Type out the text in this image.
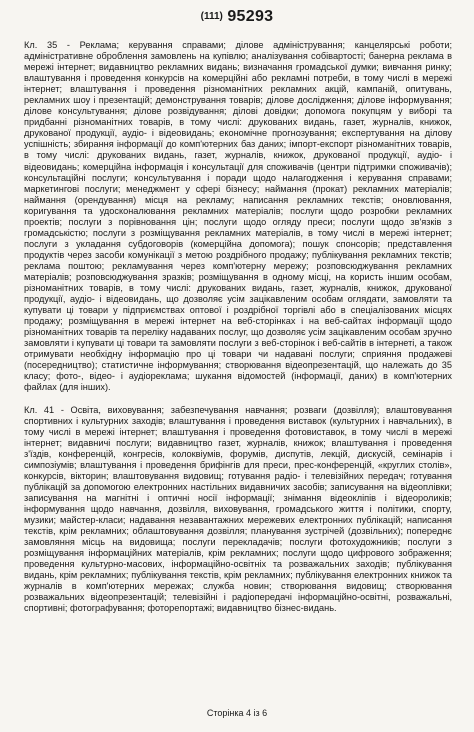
(111) 95293

Кл. 35 - Реклама; керування справами; ділове адміністрування; канцелярські роботи; адміністративне оброблення замовлень на купівлю; аналізування собівартості; банерна реклама в мережі інтернет; видавництво рекламних видань; визначання громадської думки; вивчання ринку; влаштування і проведення конкурсів на комерційні або рекламні потреби, в тому числі в мережі інтернет; влаштування і проведення різноманітних рекламних акцій, кампаній, опитувань, рекламних шоу і презентацій; демонстрування товарів; ділове дослідження; ділове інформування; ділове консультування; ділове розвідування; ділові довідки; допомога покупцям у виборі та придбанні різноманітних товарів, в тому числі: друкованих видань, газет, журналів, книжок, друкованої продукції, аудіо- і відеовидань; економічне прогнозування; експертування на ділову успішність; збирання інформації до комп'ютерних баз даних; імпорт-експорт різноманітних товарів, в тому числі: друкованих видань, газет, журналів, книжок, друкованої продукції, аудіо- і відеовидань; комерційна інформація і консультації для споживачів (центри підтримки споживачів); консультаційні послуги; консультування і поради щодо налагодження і керування справами; маркетингові послуги; менеджмент у сфері бізнесу; наймання (прокат) рекламних матеріалів; наймання (орендування) місця на рекламу; написання рекламних текстів; оновлювання, коригування та удосконалювання рекламних матеріалів; послуги щодо розробки рекламних проектів; послуги з порівновання цін; послуги щодо огляду преси; послуги щодо зв'язків з громадськістю; послуги з розміщування рекламних матеріалів, в тому числі в мережі інтернет; послуги з укладання субдоговорів (комерційна допомога); пошук спонсорів; представлення продуктів через засоби комунікації з метою роздрібного продажу; публікування рекламних текстів; реклама поштою; рекламування через комп'ютерну мережу; розповсюджування рекламних матеріалів; розповсюджування зразків; розміщування в одному місці, на користь іншим особам, різноманітних товарів, в тому числі: друкованих видань, газет, журналів, книжок, друкованої продукції, аудіо- і відеовидань, що дозволяє усім зацікавленим особам оглядати, замовляти та купувати ці товари у підприємствах оптової і роздрібної торгівлі або в спеціалізованих місцях продажу; розміщування в мережі інтернет на веб-сторінках і на веб-сайтах інформації щодо різноманітних товарів та переліку надаваних послуг, що дозволяє усім зацікавленим особам зручно замовляти і купувати ці товари та замовляти послуги з веб-сторінок і веб-сайтів в інтернеті, а також отримувати необхідну інформацію про ці товари чи надавані послуги; сприяння продажеві (посередництво); статистичне інформування; створювання відеопрезентацій, що належать до 35 класу; фото-, відео- і аудіореклама; шукання відомостей (інформації, даних) в комп'ютерних файлах (для інших).

Кл. 41 - Освіта, виховування; забезпечування навчання; розваги (дозвілля); влаштовування спортивних і культурних заходів; влаштування і проведення виставок (культурних і навчальних), в тому числі в мережі інтернет; влаштування і проведення фотовиставок, в тому числі в мережі інтернет; видавничі послуги; видавництво газет, журналів, книжок; влаштування і проведення з'їздів, конференцій, конгресів, колоквіумів, форумів, диспутів, лекцій, дискусій, семінарів і симпозіумів; влаштування і проведення брифінгів для преси, прес-конференцій, «круглих столів», конкурсів, вікторин; влаштовування видовищ; готування радіо- і телевізійних передач; готування публікацій за допомогою електронних настільних видавничих засобів; записування на відеоплівки; записування на магнітні і оптичні носії інформації; знімання відеокліпів і відеороликів; інформування щодо навчання, дозвілля, виховування, громадського життя і політики, спорту, музики; майстер-класи; надавання незавантажних мережевих електронних публікацій; написання текстів, крім рекламних; облаштовування дозвілля; планування зустрічей (дозвільних); попереднє замовляння місць на видовища; послуги перекладачів; послуги фотохудожників; послуги з розміщування інформаційних матеріалів, крім рекламних; послуги щодо цифрового зображення; проведення культурно-масових, інформаційно-освітніх та розважальних заходів; публікування видань, крім рекламних; публікування текстів, крім рекламних; публікування електронних книжок та журналів в комп'ютерних мережах; служба новин; створювання видовищ; створювання розважальних відеопрезентацій; телевізійні і радіопередачі інформаційно-освітні, розважальні, спортивні; фотографування; фоторепортажі; видавництво бізнес-видань.

Сторінка 4 із 6
